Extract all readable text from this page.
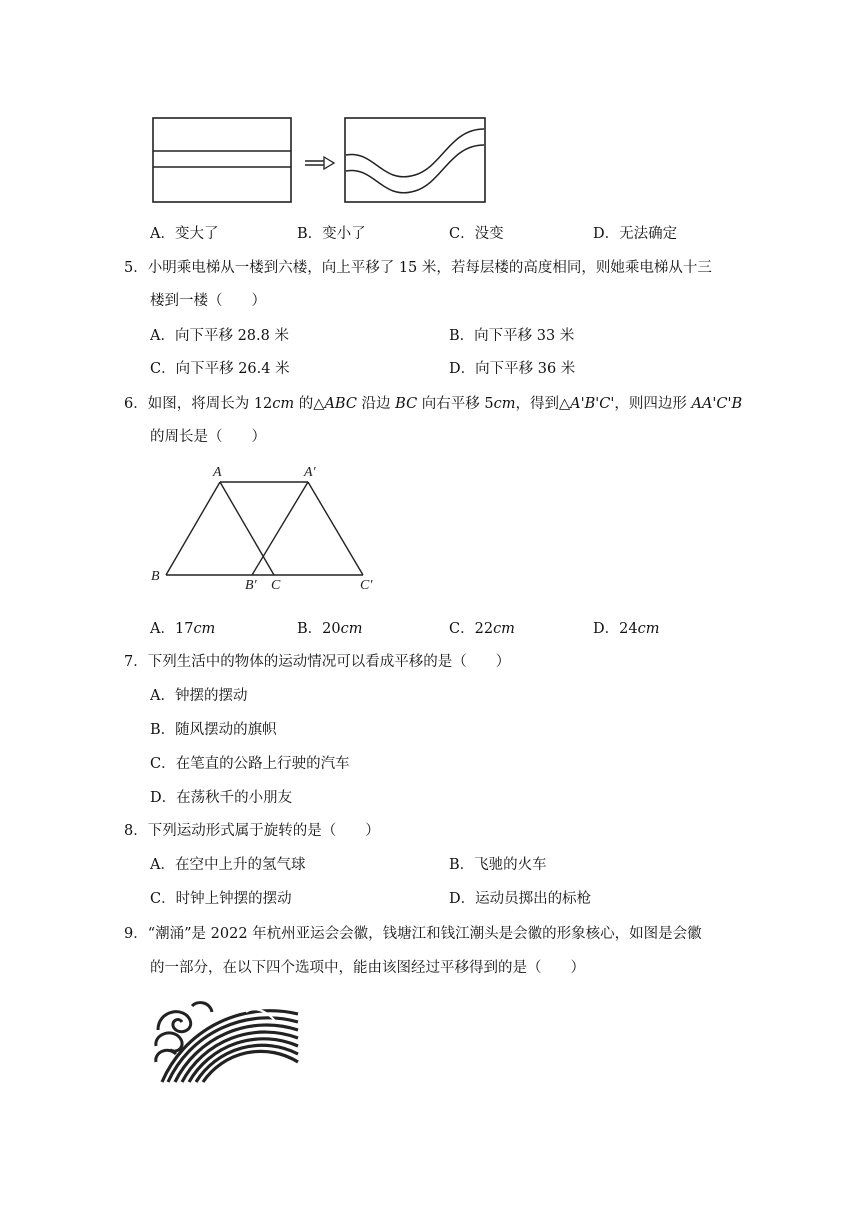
A．变大了	B．变小了	C．没变	D．无法确定
5．小明乘电梯从一楼到六楼，向上平移了 15 米，若每层楼的高度相同，则她乘电梯从十三
楼到一楼（　　）
A．向下平移 28.8 米	B．向下平移 33 米
C．向下平移 26.4 米	D．向下平移 36 米
6．如图，将周长为 12cm 的△ABC 沿边 BC 向右平移 5cm，得到△A'B'C'，则四边形 AA'C'B
的周长是（　　）
A	A′
B
B′ C	C′
A．17cm	B．20cm	C．22cm	D．24cm
7．下列生活中的物体的运动情况可以看成平移的是（　　）
A．钟摆的摆动
B．随风摆动的旗帜
C．在笔直的公路上行驶的汽车
D．在荡秋千的小朋友
8．下列运动形式属于旋转的是（　　）
A．在空中上升的氢气球	B．飞驰的火车
C．时钟上钟摆的摆动	D．运动员掷出的标枪
9．“潮涌”是 2022 年杭州亚运会会徽，钱塘江和钱江潮头是会徽的形象核心，如图是会徽
的一部分，在以下四个选项中，能由该图经过平移得到的是（　　）
